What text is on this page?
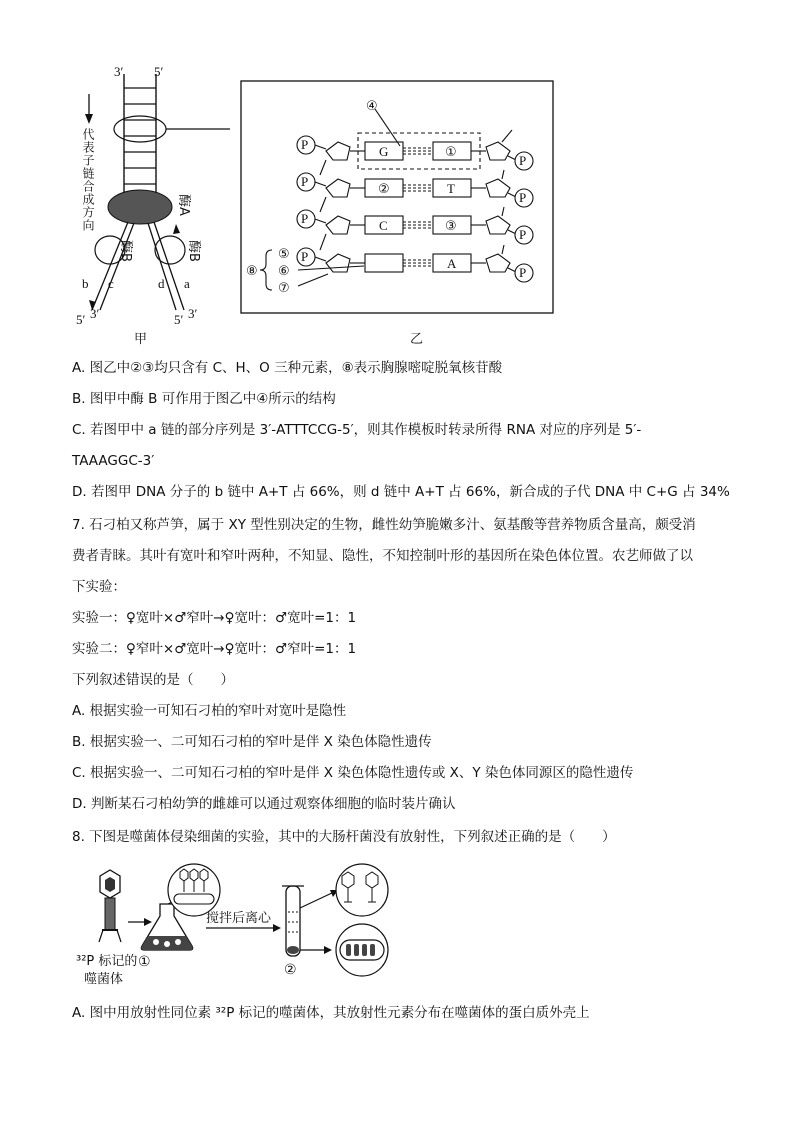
3′ 5′
酶A
酶B	酶B
b c	d a
5′ 3′	5′ 3′
甲
代表子链合成方向	P
P
P
P
P
P
P
P
④
G	①
②	T
C	③
A
⑤
⑥
⑦
⑧
乙
A. 图乙中②③均只含有 C、H、O 三种元素，⑧表示胸腺嘧啶脱氧核苷酸
B. 图甲中酶 B 可作用于图乙中④所示的结构
C. 若图甲中 a 链的部分序列是 3′-ATTTCCG-5′，则其作模板时转录所得 RNA 对应的序列是 5′-
TAAAGGC-3′
D. 若图甲 DNA 分子的 b 链中 A+T 占 66%，则 d 链中 A+T 占 66%，新合成的子代 DNA 中 C+G 占 34%
7. 石刁柏又称芦笋，属于 XY 型性别决定的生物，雌性幼笋脆嫩多汁、氨基酸等营养物质含量高，颇受消
费者青睐。其叶有宽叶和窄叶两种，不知显、隐性，不知控制叶形的基因所在染色体位置。农艺师做了以
下实验：
实验一：♀宽叶×♂窄叶→♀宽叶：♂宽叶=1：1
实验二：♀窄叶×♂宽叶→♀宽叶：♂窄叶=1：1
下列叙述错误的是（　　）
A. 根据实验一可知石刁柏的窄叶对宽叶是隐性
B. 根据实验一、二可知石刁柏的窄叶是伴 X 染色体隐性遗传
C. 根据实验一、二可知石刁柏的窄叶是伴 X 染色体隐性遗传或 X、Y 染色体同源区的隐性遗传
D. 判断某石刁柏幼笋的雌雄可以通过观察体细胞的临时装片确认
8. 下图是噬菌体侵染细菌的实验，其中的大肠杆菌没有放射性，下列叙述正确的是（　　）
³²P 标记的
噬菌体
①
搅拌后离心
②
A. 图中用放射性同位素 ³²P 标记的噬菌体，其放射性元素分布在噬菌体的蛋白质外壳上
